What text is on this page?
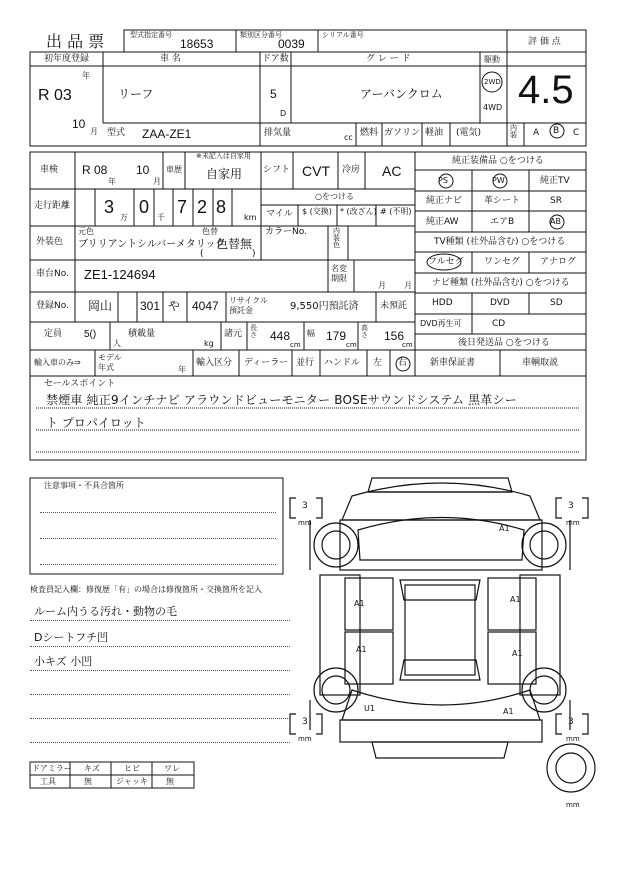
出 品 票	型式指定番号
18653
類別区分番号
0039
シリアル番号
評 価 点
4.5
初年度登録
R 03
年
10
月
車 名
リーフ
ドア数
5
D
グ レ ー ド
アーバンクロム
駆動
2WD
4WD
型式 ZAA-ZE1	排気量	cc 燃料 ガソリン 軽油 (電気)	内装	A B C
車検 R 08
年
10
月
車歴
※未記入は自家用
自家用 シフト CVT 冷房 AC
走行距離 3
万
0
千
7 2 8
km
○をつける
マイル $ (交換) * (改ざん) # (不明)
外装色
元色	色替
ブリリアントシルバーメタリック
色替無
(	)
カラーNo.	内装色
車台No. ZE1-124694	名変期限
月 月
登録No. 岡山 301 や 4047 リサイクル預託金	9,550円預託済 未預託
定員 5()
人
積載量
kg
諸元
長さ 448
cm
幅 179
cm
高さ 156
cm
輸入車のみ⇒
モデル年式	年
輸入区分 ディーラー 並行 ハンドル 左 右
純正装備品 ○をつける
PS	PW	純正TV
純正ナビ 革シート	SR
純正AW	エアB	AB
TV種類 (社外品含む) ○をつける
フルセグ ワンセグ アナログ
ナビ種類 (社外品含む) ○をつける
HDD	DVD	SD
DVD再生可	CD
後日発送品 ○をつける
新車保証書	車輌取説
セールスポイント
禁煙車 純正9インチナビ アラウンドビューモニター BOSEサウンドシステム 黒革シー
ト プロパイロット
注意事項・不具合箇所
検査員記入欄：修復歴「有」の場合は修復箇所・交換箇所を記入
ルーム内うる汚れ・動物の毛
Dシートフチ凹
小キズ 小凹
3
mm
3
mm
3
mm
3
mm
mm
A1
A1	A1
A1	A1
A1
U1
ドアミラー キズ	ヒビ	ワレ
工具	無	ジャッキ 無
